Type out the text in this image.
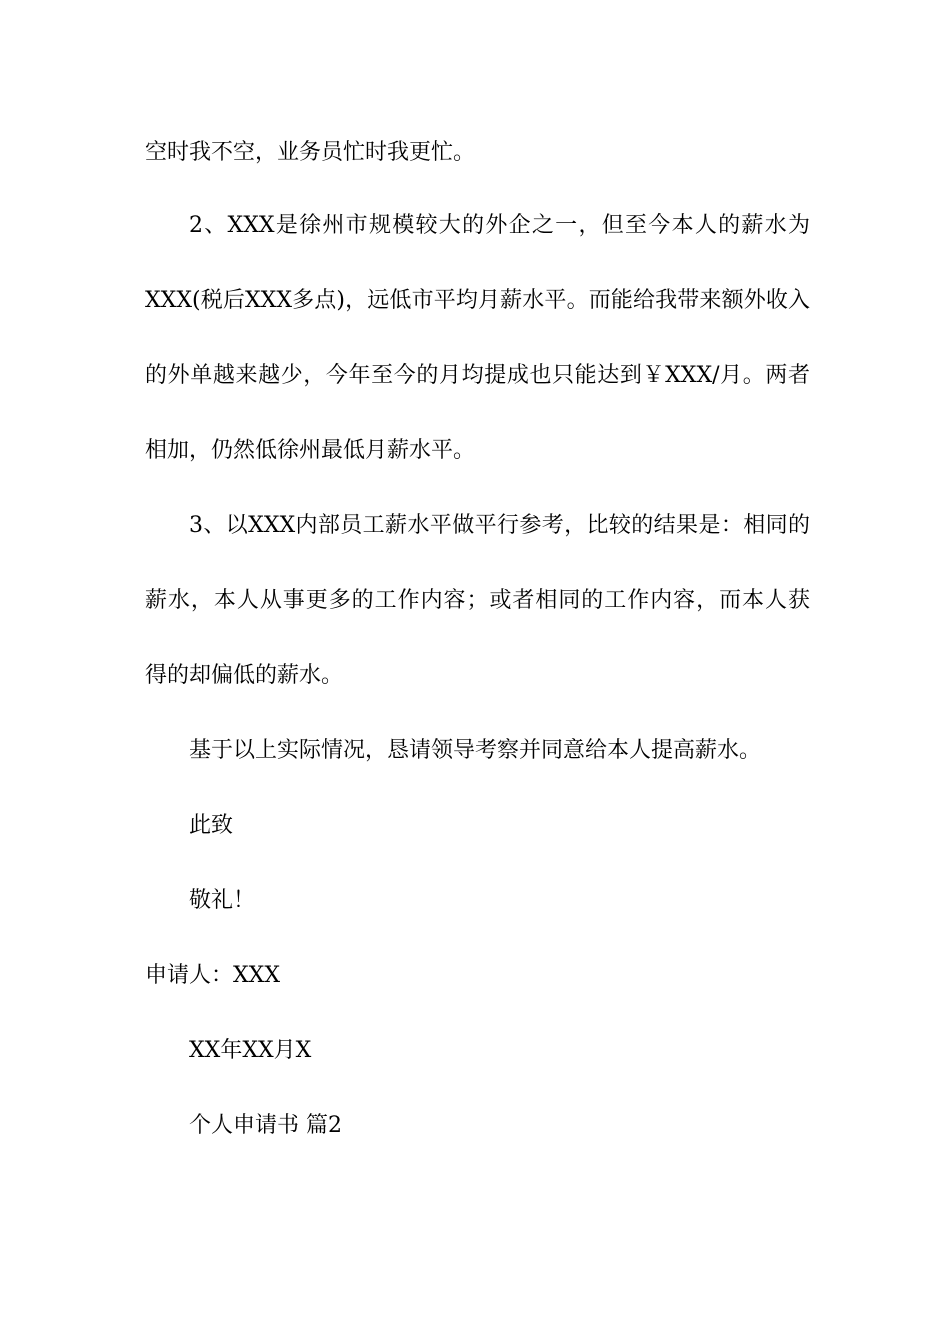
空时我不空，业务员忙时我更忙。
2、XXX是徐州市规模较大的外企之一，但至今本人的薪水为
XXX(税后XXX多点)，远低市平均月薪水平。而能给我带来额外收入
的外单越来越少，今年至今的月均提成也只能达到￥XXX/月。两者
相加，仍然低徐州最低月薪水平。
3、以XXX内部员工薪水平做平行参考，比较的结果是：相同的
薪水，本人从事更多的工作内容；或者相同的工作内容，而本人获
得的却偏低的薪水。
基于以上实际情况，恳请领导考察并同意给本人提高薪水。
此致
敬礼！
申请人：XXX
XX年XX月X
个人申请书 篇2
